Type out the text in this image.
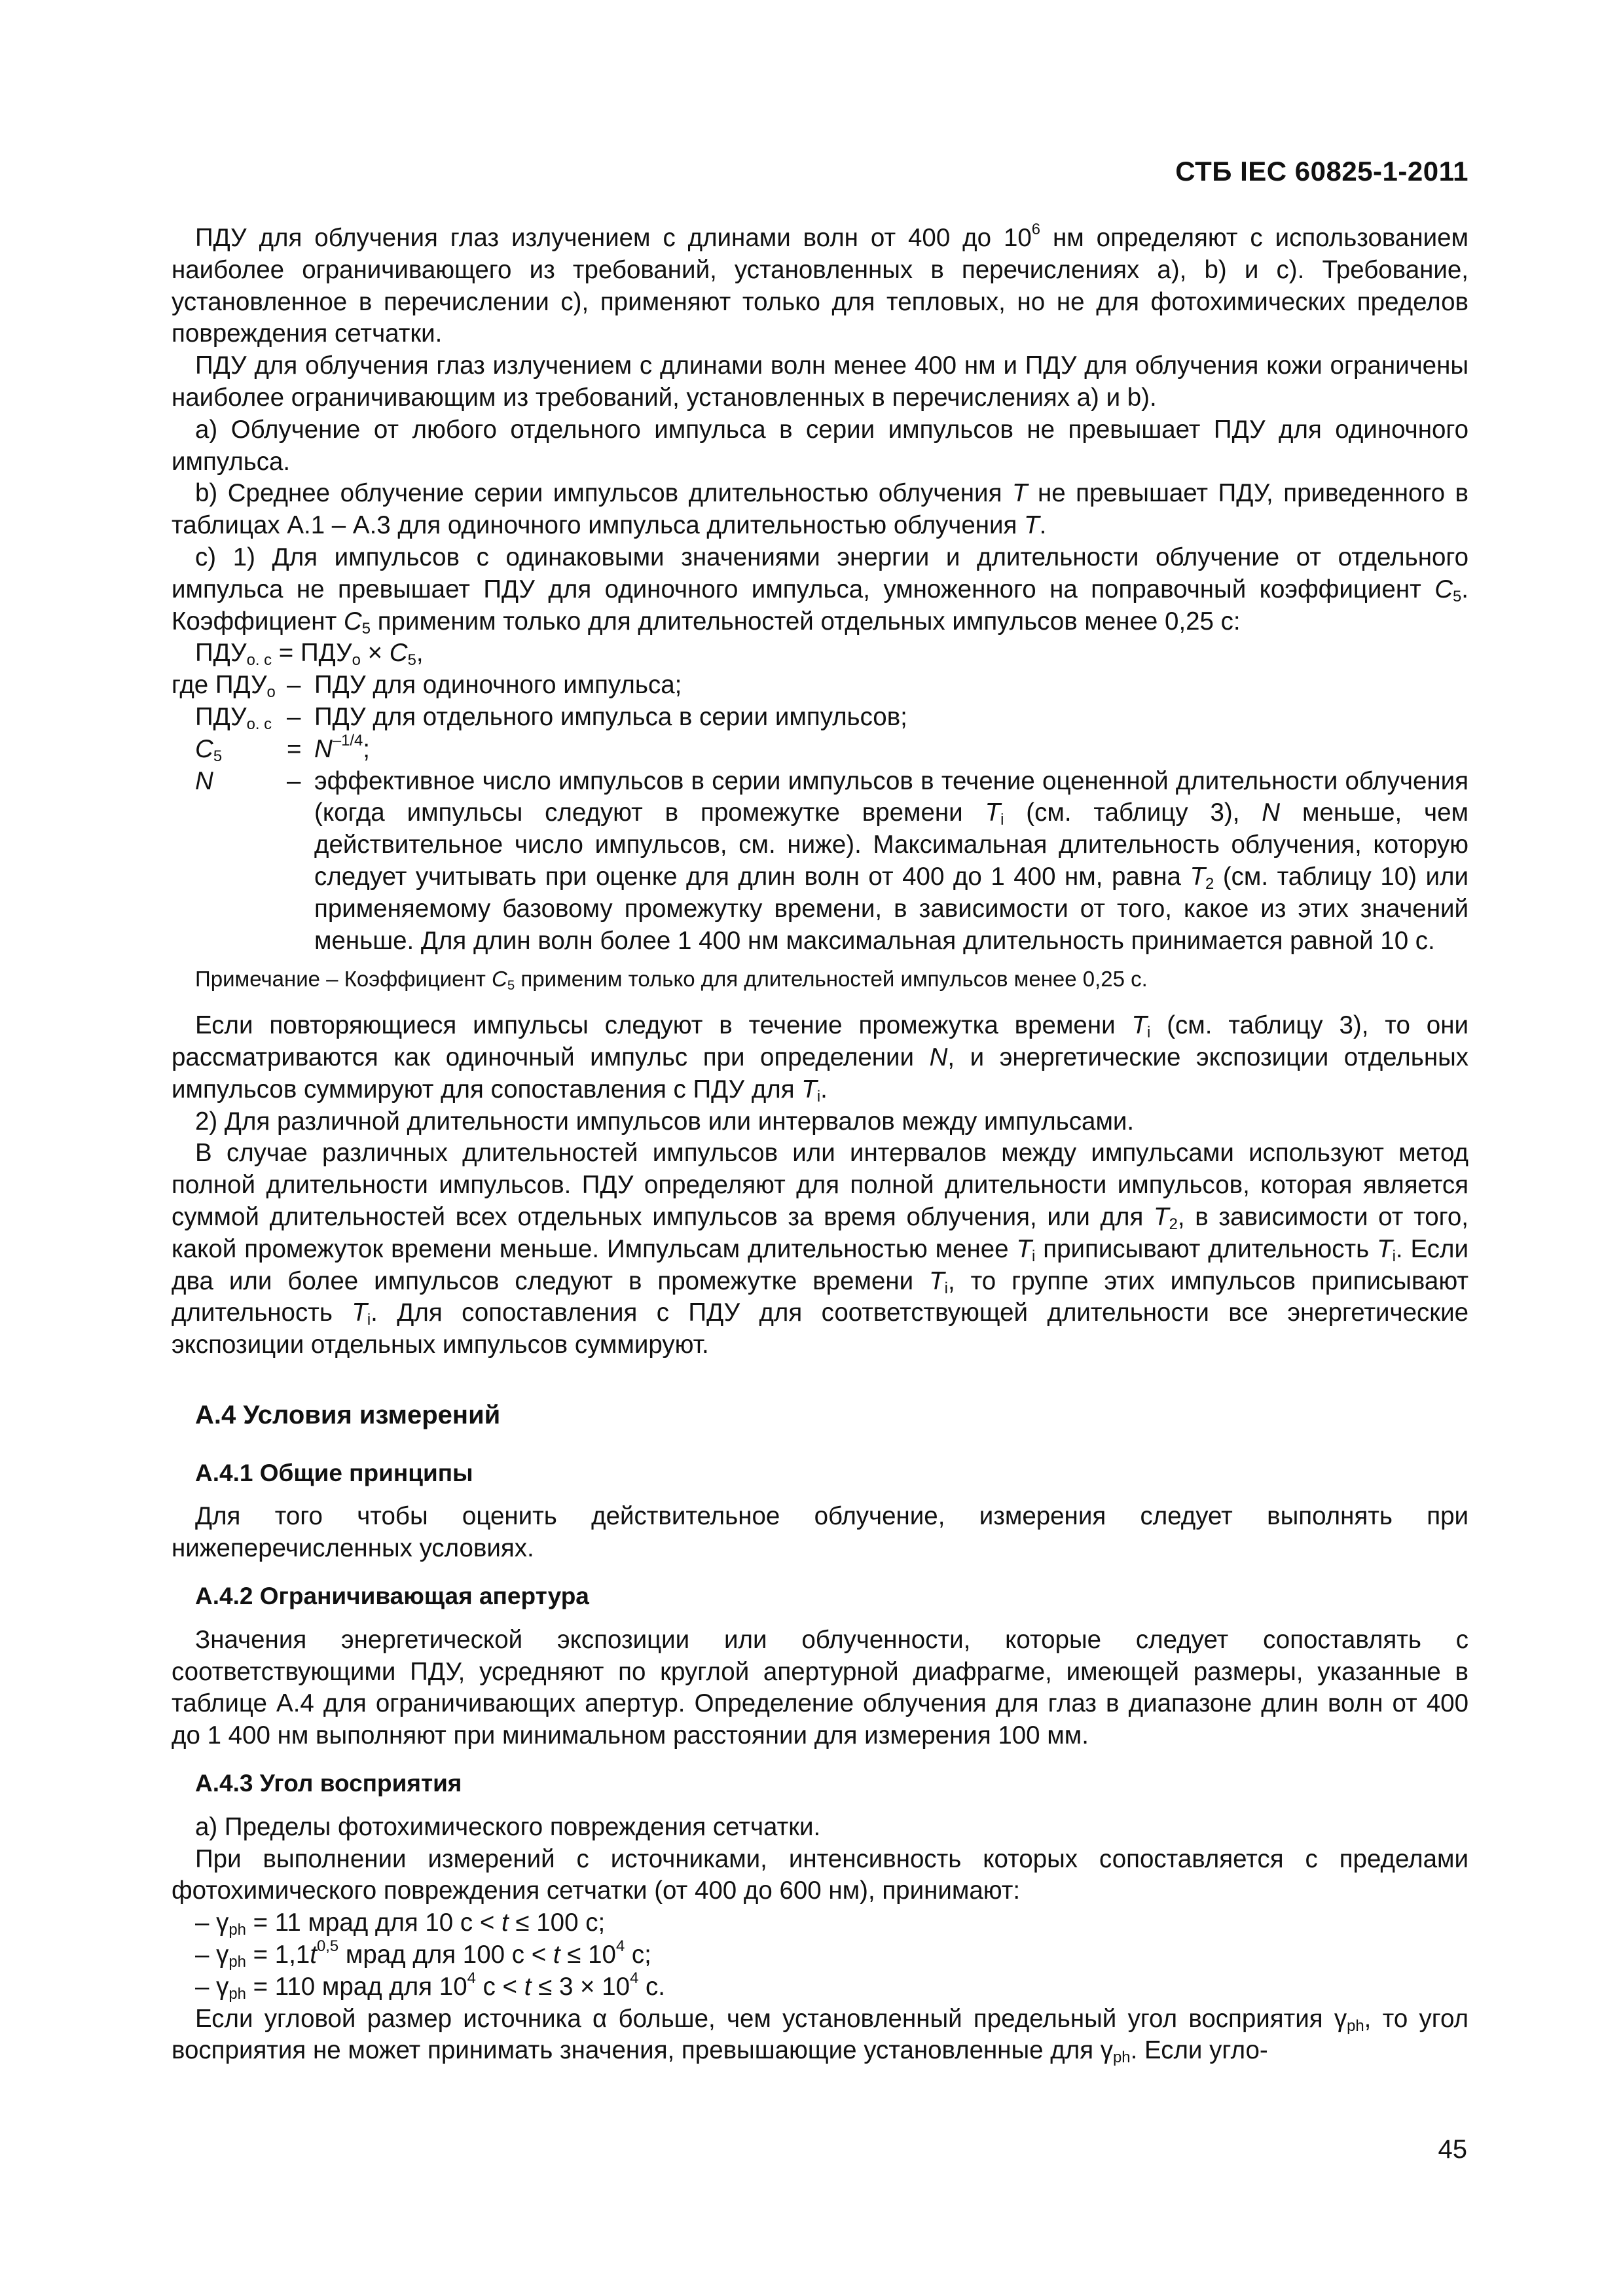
СТБ IEC 60825-1-2011

ПДУ для облучения глаз излучением с длинами волн от 400 до $10^6$ нм определяют с использованием наиболее ограничивающего из требований, установленных в перечислениях а), b) и с). Требование, установленное в перечислении с), применяют только для тепловых, но не для фотохимических пределов повреждения сетчатки.

ПДУ для облучения глаз излучением с длинами волн менее 400 нм и ПДУ для облучения кожи ограничены наиболее ограничивающим из требований, установленных в перечислениях а) и b).

а) Облучение от любого отдельного импульса в серии импульсов не превышает ПДУ для одиночного импульса.

b) Среднее облучение серии импульсов длительностью облучения T не превышает ПДУ, приведенного в таблицах А.1 – А.3 для одиночного импульса длительностью облучения T.

с) 1) Для импульсов с одинаковыми значениями энергии и длительности облучение от отдельного импульса не превышает ПДУ для одиночного импульса, умноженного на поправочный коэффициент $C_5$. Коэффициент $C_5$ применим только для длительностей отдельных импульсов менее 0,25 с:

$ПДУ_{о. с} = ПДУ_о \times C_5$,

где $ПДУ_о$ – ПДУ для одиночного импульса;
$ПДУ_{о. с}$ – ПДУ для отдельного импульса в серии импульсов;
$C_5$	= $N^{-1/4}$;
N	– эффективное число импульсов в серии импульсов в течение оцененной длительности облучения (когда импульсы следуют в промежутке времени $T_i$ (см. таблицу 3), N меньше, чем действительное число импульсов, см. ниже). Максимальная длительность облучения, которую следует учитывать при оценке для длин волн от 400 до 1 400 нм, равна $T_2$ (см. таблицу 10) или применяемому базовому промежутку времени, в зависимости от того, какое из этих значений меньше. Для длин волн более 1 400 нм максимальная длительность принимается равной 10 с.

Примечание – Коэффициент $C_5$ применим только для длительностей импульсов менее 0,25 с.

Если повторяющиеся импульсы следуют в течение промежутка времени $T_i$ (см. таблицу 3), то они рассматриваются как одиночный импульс при определении N, и энергетические экспозиции отдельных импульсов суммируют для сопоставления с ПДУ для $T_i$.

2) Для различной длительности импульсов или интервалов между импульсами.

В случае различных длительностей импульсов или интервалов между импульсами используют метод полной длительности импульсов. ПДУ определяют для полной длительности импульсов, которая является суммой длительностей всех отдельных импульсов за время облучения, или для $T_2$, в зависимости от того, какой промежуток времени меньше. Импульсам длительностью менее $T_i$ приписывают длительность $T_i$. Если два или более импульсов следуют в промежутке времени $T_i$, то группе этих импульсов приписывают длительность $T_i$. Для сопоставления с ПДУ для соответствующей длительности все энергетические экспозиции отдельных импульсов суммируют.

А.4 Условия измерений

А.4.1 Общие принципы

Для того чтобы оценить действительное облучение, измерения следует выполнять при нижеперечисленных условиях.

А.4.2 Ограничивающая апертура

Значения энергетической экспозиции или облученности, которые следует сопоставлять с соответствующими ПДУ, усредняют по круглой апертурной диафрагме, имеющей размеры, указанные в таблице А.4 для ограничивающих апертур. Определение облучения для глаз в диапазоне длин волн от 400 до 1 400 нм выполняют при минимальном расстоянии для измерения 100 мм.

А.4.3 Угол восприятия

а) Пределы фотохимического повреждения сетчатки.

При выполнении измерений с источниками, интенсивность которых сопоставляется с пределами фотохимического повреждения сетчатки (от 400 до 600 нм), принимают:

– $\gamma_{ph} = 11$ мрад для 10 с < t ≤ 100 с;

– $\gamma_{ph} = 1,1t^{0,5}$ мрад для 100 $с < t \le 10^4$ с;

– $\gamma_{ph} = 110$ мрад для $10^4$ $с < t \le 3 \times 10^4$ с.

Если угловой размер источника α больше, чем установленный предельный угол восприятия $\gamma_{ph}$, то угол восприятия не может принимать значения, превышающие установленные для $\gamma_{ph}$. Если угло-

45
